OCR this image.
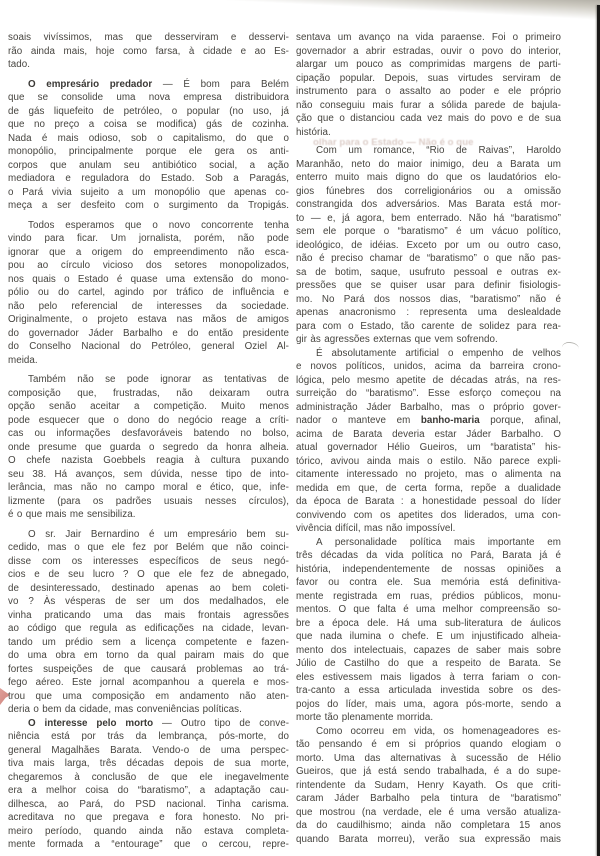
olhar para o Estado — Não é o que
soais vivíssimos, mas que desserviram e desservi-
rão ainda mais, hoje como farsa, à cidade e ao Es-
tado.
O empresário predador — É bom para Belém
que se consolide uma nova empresa distribuidora
de gás liquefeito de petróleo, o popular (no uso, já
que no preço a coisa se modifica) gás de cozinha.
Nada é mais odioso, sob o capitalismo, do que o
monopólio, principalmente porque ele gera os anti-
corpos que anulam seu antibiótico social, a ação
mediadora e reguladora do Estado. Sob a Paragás,
o Pará vivia sujeito a um monopólio que apenas co-
meça a ser desfeito com o surgimento da Tropigás.
Todos esperamos que o novo concorrente tenha
vindo para ficar. Um jornalista, porém, não pode
ignorar que a origem do empreendimento não esca-
pou ao círculo vicioso dos setores monopolizados,
nos quais o Estado é quase uma extensão do mono-
pólio ou do cartel, agindo por tráfico de influência e
não pelo referencial de interesses da sociedade.
Originalmente, o projeto estava nas mãos de amigos
do governador Jáder Barbalho e do então presidente
do Conselho Nacional do Petróleo, general Oziel Al-
meida.
Também não se pode ignorar as tentativas de
composição que, frustradas, não deixaram outra
opção senão aceitar a competição. Muito menos
pode esquecer que o dono do negócio reage a críti-
cas ou informações desfavoráveis batendo no bolso,
onde presume que guarda o segredo da honra alheia.
O chefe nazista Goebbels reagia à cultura puxando
seu 38. Há avanços, sem dúvida, nesse tipo de into-
lerância, mas não no campo moral e ético, que, infe-
lizmente (para os padrões usuais nesses círculos),
é o que mais me sensibiliza.
O sr. Jair Bernardino é um empresário bem su-
cedido, mas o que ele fez por Belém que não coinci-
disse com os interesses específicos de seus negó-
cios e de seu lucro ? O que ele fez de abnegado,
de desinteressado, destinado apenas ao bem coleti-
vo ? Às vésperas de ser um dos medalhados, ele
vinha praticando uma das mais frontais agressões
ao código que regula as edificações na cidade, levan-
tando um prédio sem a licença competente e fazen-
do uma obra em torno da qual pairam mais do que
fortes suspeições de que causará problemas ao trá-
fego aéreo. Este jornal acompanhou a querela e mos-
trou que uma composição em andamento não aten-
deria o bem da cidade, mas conveniências políticas.
O interesse pelo morto — Outro tipo de conve-
niência está por trás da lembrança, pós-morte, do
general Magalhães Barata. Vendo-o de uma perspec-
tiva mais larga, três décadas depois de sua morte,
chegaremos à conclusão de que ele inegavelmente
era a melhor coisa do “baratismo”, a adaptação cau-
dilhesca, ao Pará, do PSD nacional. Tinha carisma.
acreditava no que pregava e fora honesto. No pri-
meiro período, quando ainda não estava completa-
mente formada a “entourage” que o cercou, repre-
sentava um avanço na vida paraense. Foi o primeiro
governador a abrir estradas, ouvir o povo do interior,
alargar um pouco as comprimidas margens de parti-
cipação popular. Depois, suas virtudes serviram de
instrumento para o assalto ao poder e ele próprio
não conseguiu mais furar a sólida parede de bajula-
ção que o distanciou cada vez mais do povo e de sua
história.
Com um romance, “Rio de Raivas”, Haroldo
Maranhão, neto do maior inimigo, deu a Barata um
enterro muito mais digno do que os laudatórios elo-
gios fúnebres dos correligionários ou a omissão
constrangida dos adversários. Mas Barata está mor-
to — e, já agora, bem enterrado. Não há “baratismo”
sem ele porque o “baratismo” é um vácuo político,
ideológico, de idéias. Exceto por um ou outro caso,
não é preciso chamar de “baratismo” o que não pas-
sa de botim, saque, usufruto pessoal e outras ex-
pressões que se quiser usar para definir fisiologis-
mo. No Pará dos nossos dias, “baratismo” não é
apenas anacronismo : representa uma deslealdade
para com o Estado, tão carente de solidez para rea-
gir às agressões externas que vem sofrendo.
É absolutamente artificial o empenho de velhos
e novos políticos, unidos, acima da barreira crono-
lógica, pelo mesmo apetite de décadas atrás, na res-
surreição do “baratismo”. Esse esforço começou na
administração Jáder Barbalho, mas o próprio gover-
nador o manteve em banho-maria porque, afinal,
acima de Barata deveria estar Jáder Barbalho. O
atual governador Hélio Gueiros, um “baratista” his-
tórico, avivou ainda mais o estilo. Não parece expli-
citamente interessado no projeto, mas o alimenta na
medida em que, de certa forma, repõe a dualidade
da época de Barata : a honestidade pessoal do líder
convivendo com os apetites dos liderados, uma con-
vivência difícil, mas não impossível.
A personalidade política mais importante em
três décadas da vida política no Pará, Barata já é
história, independentemente de nossas opiniões a
favor ou contra ele. Sua memória está definitiva-
mente registrada em ruas, prédios públicos, monu-
mentos. O que falta é uma melhor compreensão so-
bre a época dele. Há uma sub-literatura de áulicos
que nada ilumina o chefe. E um injustificado alheia-
mento dos intelectuais, capazes de saber mais sobre
Júlio de Castilho do que a respeito de Barata. Se
eles estivessem mais ligados à terra fariam o con-
tra-canto a essa articulada investida sobre os des-
pojos do líder, mais uma, agora pós-morte, sendo a
morte tão plenamente morrida.
Como ocorreu em vida, os homenageadores es-
tão pensando é em si próprios quando elogiam o
morto. Uma das alternativas à sucessão de Hélio
Gueiros, que já está sendo trabalhada, é a do supe-
rintendente da Sudam, Henry Kayath. Os que criti-
caram Jáder Barbalho pela tintura de “baratismo”
que mostrou (na verdade, ele é uma versão atualiza-
da do caudilhismo; ainda não completara 15 anos
quando Barata morreu), verão sua expressão mais
